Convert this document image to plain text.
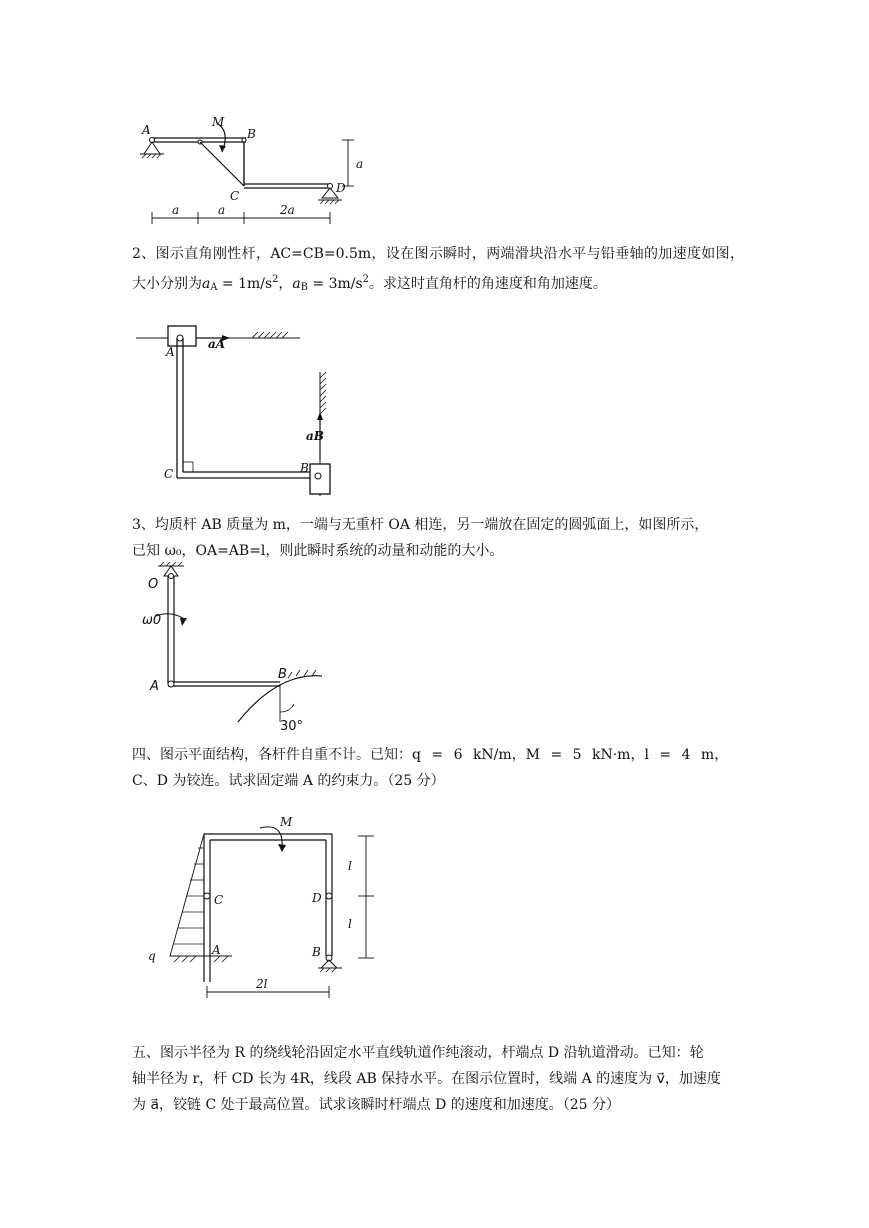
A
M
B
C
D
a
a	a	2a
2、图示直角刚性杆，AC=CB=0.5m，设在图示瞬时，两端滑块沿水平与铅垂轴的加速度如图，大小分别为$a_A = 1m/s^2$，$a_B = 3m/s^2$。求这时直角杆的角速度和角加速度。
A
aA
aB
C	B
3、均质杆 AB 质量为 m，一端与无重杆 OA 相连，另一端放在固定的圆弧面上，如图所示，
已知 ω₀，OA=AB=l，则此瞬时系统的动量和动能的大小。
O
ω0
A
B
30°
四、图示平面结构，各杆件自重不计。已知：q = 6 kN/m，M = 5 kN·m，l = 4 m，
C、D 为铰连。试求固定端 A 的约束力。（25 分）
M
l
l
C	D
q	A	B
2l
五、图示半径为 R 的绕线轮沿固定水平直线轨道作纯滚动，杆端点 D 沿轨道滑动。已知：轮
轴半径为 r，杆 CD 长为 4R，线段 AB 保持水平。在图示位置时，线端 A 的速度为 v⃗，加速度
为 a⃗，铰链 C 处于最高位置。试求该瞬时杆端点 D 的速度和加速度。（25 分）
